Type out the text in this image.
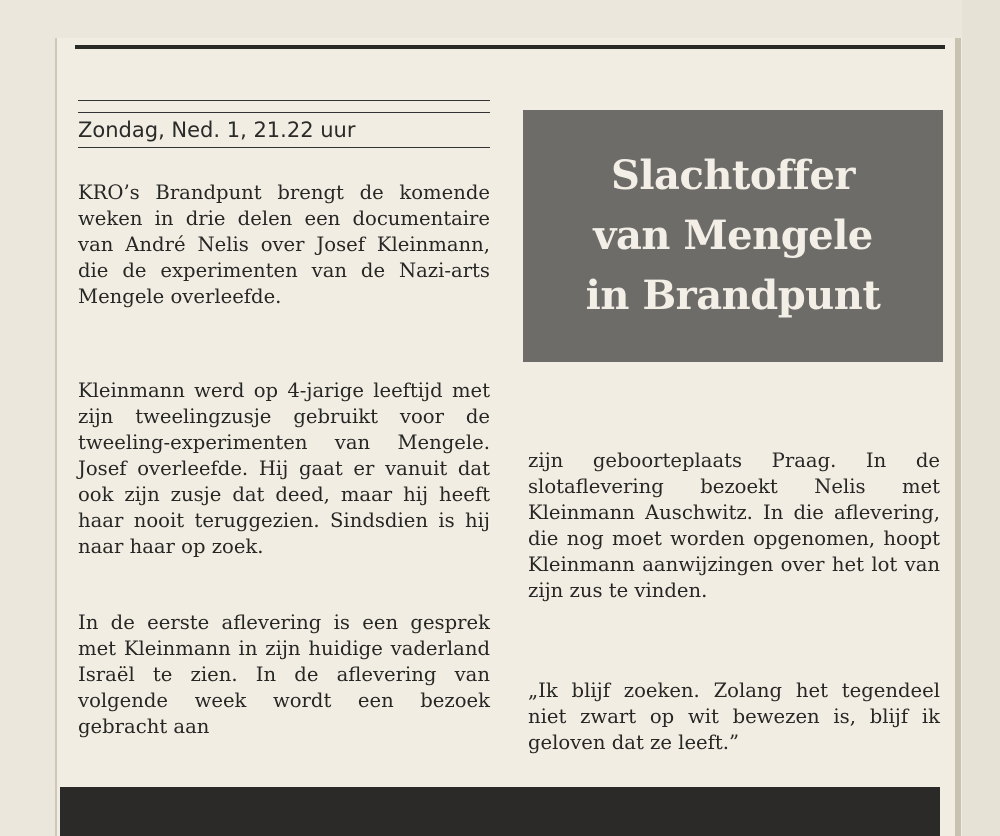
Zondag, Ned. 1, 21.22 uur

KRO’s Brandpunt brengt de komende weken in drie delen een documentaire van André Nelis over Josef Kleinmann, die de experimenten van de Nazi-arts Mengele overleefde.

Kleinmann werd op 4-jarige leeftijd met zijn tweelingzusje gebruikt voor de tweeling-experimenten van Mengele. Josef overleefde. Hij gaat er vanuit dat ook zijn zusje dat deed, maar hij heeft haar nooit teruggezien. Sindsdien is hij naar haar op zoek.

In de eerste aflevering is een gesprek met Kleinmann in zijn huidige vaderland Israël te zien. In de aflevering van volgende week wordt een bezoek gebracht aan

Slachtoffer
van Mengele
in Brandpunt

zijn geboorteplaats Praag. In de slotaflevering bezoekt Nelis met Kleinmann Auschwitz. In die aflevering, die nog moet worden opgenomen, hoopt Kleinmann aanwijzingen over het lot van zijn zus te vinden.

„Ik blijf zoeken. Zolang het tegendeel niet zwart op wit bewezen is, blijf ik geloven dat ze leeft.”
